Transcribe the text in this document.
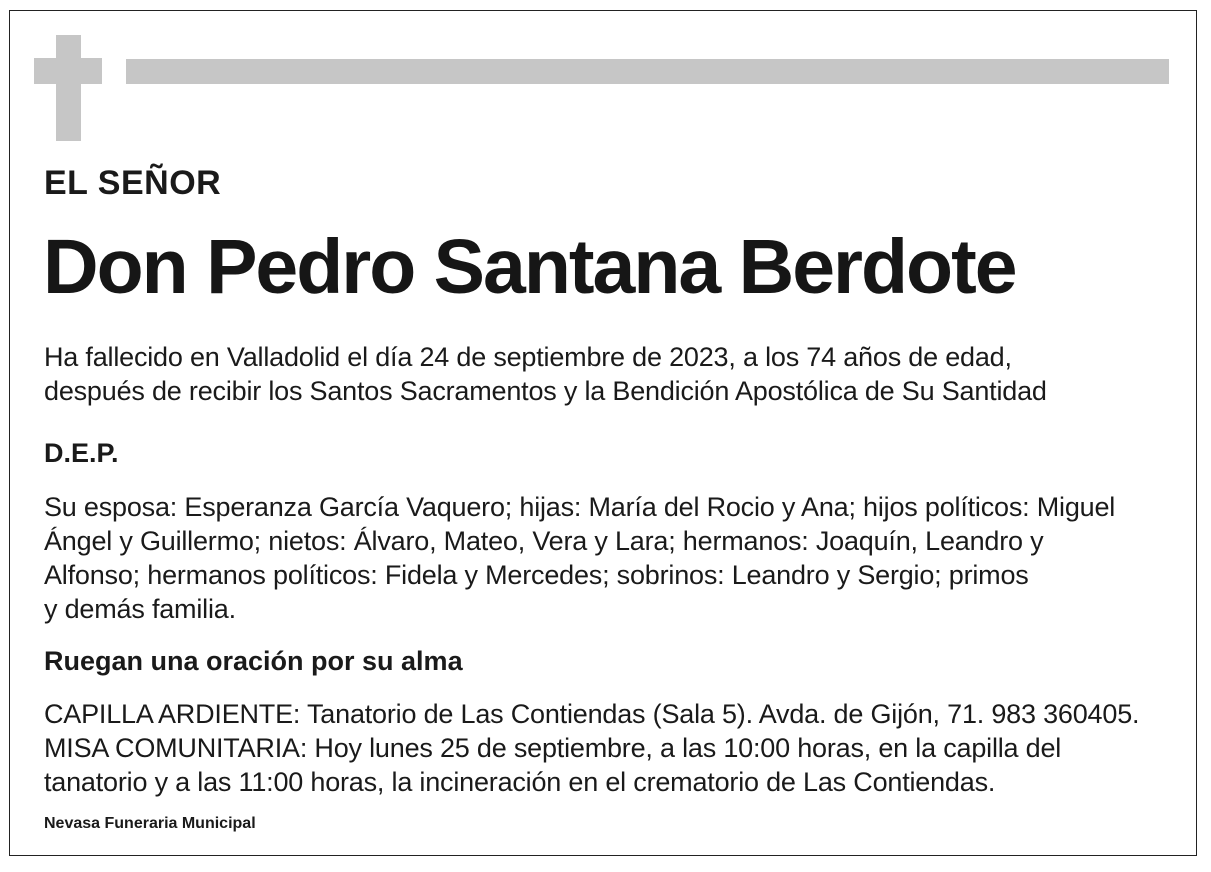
EL SEÑOR
Don Pedro Santana Berdote
Ha fallecido en Valladolid el día 24 de septiembre de 2023, a los 74 años de edad,
después de recibir los Santos Sacramentos y la Bendición Apostólica de Su Santidad
D.E.P.
Su esposa: Esperanza García Vaquero; hijas: María del Rocio y Ana; hijos políticos: Miguel
Ángel y Guillermo; nietos: Álvaro, Mateo, Vera y Lara; hermanos: Joaquín, Leandro y
Alfonso; hermanos políticos: Fidela y Mercedes; sobrinos: Leandro y Sergio; primos
y demás familia.
Ruegan una oración por su alma
CAPILLA ARDIENTE: Tanatorio de Las Contiendas (Sala 5). Avda. de Gijón, 71. 983 360405.
MISA COMUNITARIA: Hoy lunes 25 de septiembre, a las 10:00 horas, en la capilla del
tanatorio y a las 11:00 horas, la incineración en el crematorio de Las Contiendas.
Nevasa Funeraria Municipal
